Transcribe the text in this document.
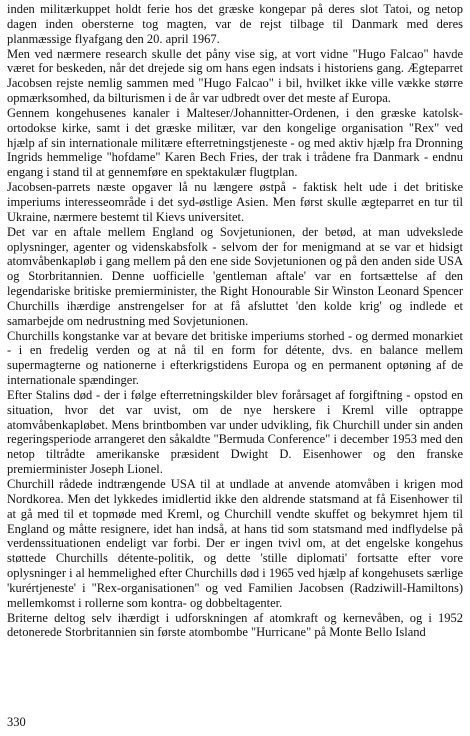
inden militærkuppet holdt ferie hos det græske kongepar på deres slot Tatoi, og netop dagen inden obersterne tog magten, var de rejst tilbage til Danmark med deres planmæssige flyafgang den 20. april 1967.

Men ved nærmere research skulle det påny vise sig, at vort vidne "Hugo Falcao" havde været for beskeden, når det drejede sig om hans egen indsats i historiens gang. Ægteparret Jacobsen rejste nemlig sammen med "Hugo Falcao" i bil, hvilket ikke ville vække større opmærksomhed, da bilturismen i de år var udbredt over det meste af Europa.

Gennem kongehusenes kanaler i Malteser/Johannitter-Ordenen, i den græske katolsk-ortodokse kirke, samt i det græske militær, var den kongelige organisation "Rex" ved hjælp af sin internationale militære efterretningstjeneste - og med aktiv hjælp fra Dronning Ingrids hemmelige "hofdame" Karen Bech Fries, der trak i trådene fra Danmark - endnu engang i stand til at gennemføre en spektakulær flugtplan.

Jacobsen-parrets næste opgaver lå nu længere østpå - faktisk helt ude i det britiske imperiums interesseområde i det syd-østlige Asien. Men først skulle ægteparret en tur til Ukraine, nærmere bestemt til Kievs universitet.

Det var en aftale mellem England og Sovjetunionen, der betød, at man udvekslede oplysninger, agenter og videnskabsfolk - selvom der for menigmand at se var et hidsigt atomvåbenkapløb i gang mellem på den ene side Sovjetunionen og på den anden side USA og Storbritannien. Denne uofficielle 'gentleman aftale' var en fortsættelse af den legendariske britiske premierminister, the Right Honourable Sir Winston Leonard Spencer Churchills ihærdige anstrengelser for at få afsluttet 'den kolde krig' og indlede et samarbejde om nedrustning med Sovjetunionen.

Churchills kongstanke var at bevare det britiske imperiums storhed - og dermed monarkiet - i en fredelig verden og at nå til en form for détente, dvs. en balance mellem supermagterne og nationerne i efterkrigstidens Europa og en permanent optøning af de internationale spændinger.

Efter Stalins død - der i følge efterretningskilder blev forårsaget af forgiftning - opstod en situation, hvor det var uvist, om de nye herskere i Kreml ville optrappe atomvåbenkapløbet. Mens brintbomben var under udvikling, fik Churchill under sin anden regeringsperiode arrangeret den såkaldte "Bermuda Conference" i december 1953 med den netop tiltrådte amerikanske præsident Dwight D. Eisenhower og den franske premierminister Joseph Lionel.

Churchill rådede indtrængende USA til at undlade at anvende atomvåben i krigen mod Nordkorea. Men det lykkedes imidlertid ikke den aldrende statsmand at få Eisenhower til at gå med til et topmøde med Kreml, og Churchill vendte skuffet og bekymret hjem til England og måtte resignere, idet han indså, at hans tid som statsmand med indflydelse på verdenssituationen endeligt var forbi. Der er ingen tvivl om, at det engelske kongehus støttede Churchills détente-politik, og dette 'stille diplomati' fortsatte efter vore oplysninger i al hemmelighed efter Churchills død i 1965 ved hjælp af kongehusets særlige 'kurértjeneste' i "Rex-organisationen" og ved Familien Jacobsen (Radziwill-Hamiltons) mellemkomst i rollerne som kontra- og dobbeltagenter.

Briterne deltog selv ihærdigt i udforskningen af atomkraft og kernevåben, og i 1952 detonerede Storbritannien sin første atombombe "Hurricane" på Monte Bello Island

330
